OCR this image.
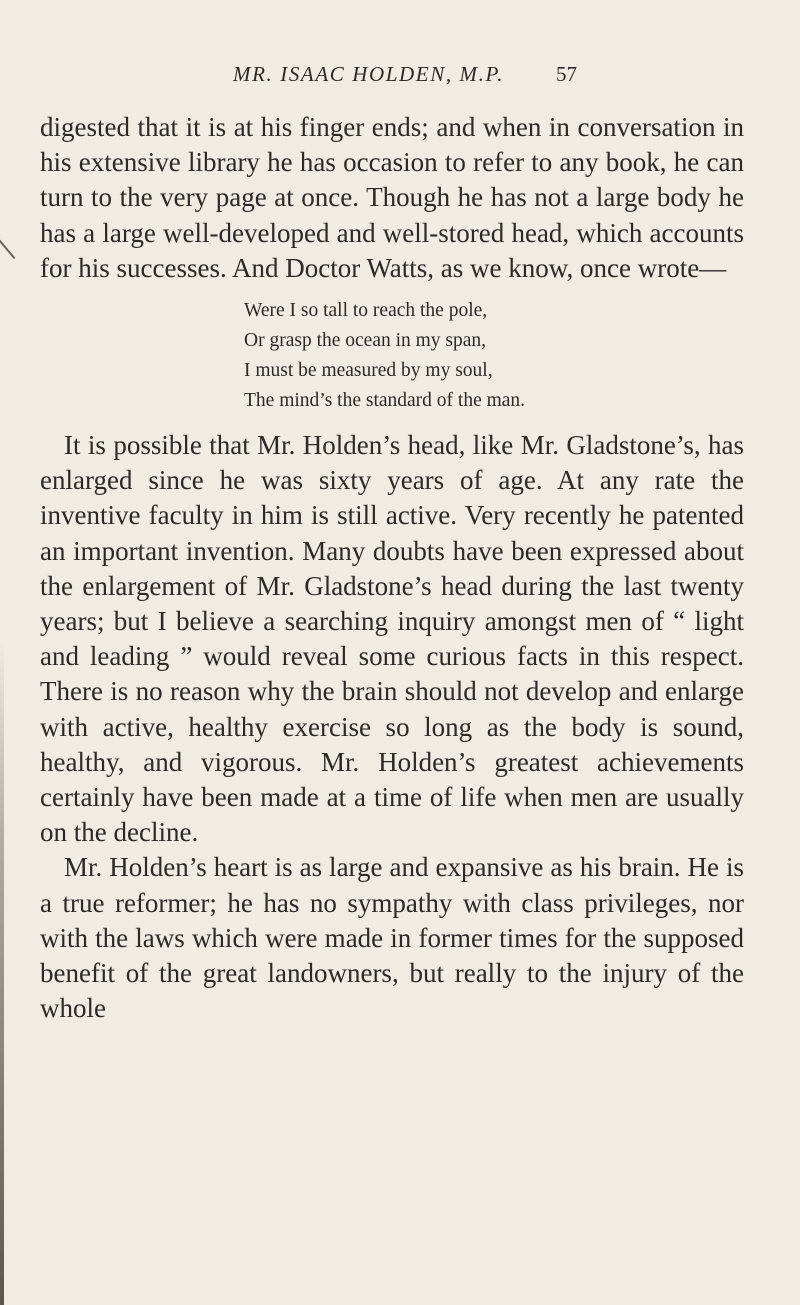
MR. ISAAC HOLDEN, M.P. 57

digested that it is at his finger ends; and when in conversation in his extensive library he has occasion to refer to any book, he can turn to the very page at once. Though he has not a large body he has a large well-developed and well-stored head, which accounts for his successes. And Doctor Watts, as we know, once wrote—

Were I so tall to reach the pole,
Or grasp the ocean in my span,
I must be measured by my soul,
The mind’s the standard of the man.

It is possible that Mr. Holden’s head, like Mr. Gladstone’s, has enlarged since he was sixty years of age. At any rate the inventive faculty in him is still active. Very recently he patented an important invention. Many doubts have been expressed about the enlargement of Mr. Gladstone’s head during the last twenty years; but I believe a searching inquiry amongst men of “ light and leading ” would reveal some curious facts in this respect. There is no reason why the brain should not develop and enlarge with active, healthy exercise so long as the body is sound, healthy, and vigorous. Mr. Holden’s greatest achievements certainly have been made at a time of life when men are usually on the decline.

Mr. Holden’s heart is as large and expansive as his brain. He is a true reformer; he has no sympathy with class privileges, nor with the laws which were made in former times for the supposed benefit of the great landowners, but really to the injury of the whole
